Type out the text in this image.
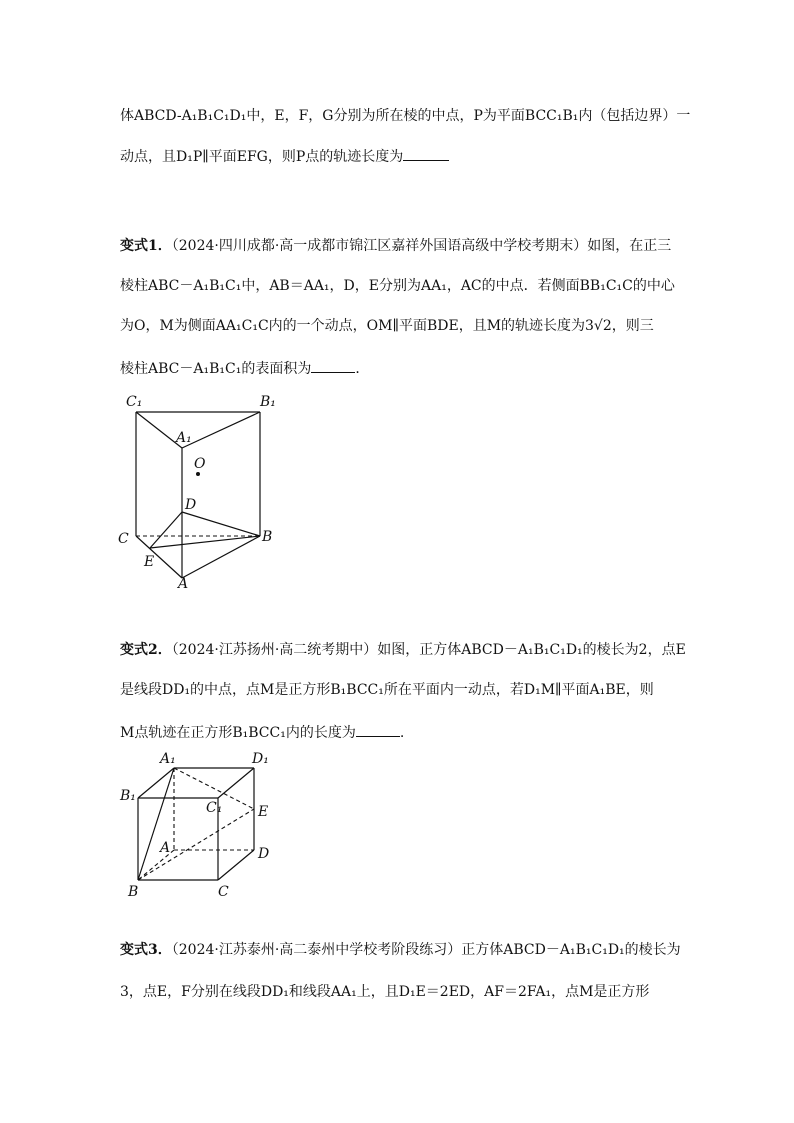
体ABCD-A₁B₁C₁D₁中，E，F，G分别为所在棱的中点，P为平面BCC₁B₁内（包括边界）一
动点，且D₁P∥平面EFG，则P点的轨迹长度为
变式1．（2024·四川成都·高一成都市锦江区嘉祥外国语高级中学校考期末）如图，在正三
棱柱ABC－A₁B₁C₁中，AB＝AA₁，D，E分别为AA₁，AC的中点．若侧面BB₁C₁C的中心
为O，M为侧面AA₁C₁C内的一个动点，OM∥平面BDE，且M的轨迹长度为3√2，则三
棱柱ABC－A₁B₁C₁的表面积为	．
C₁	B₁
A₁
O
D
C	B
E
A
变式2．（2024·江苏扬州·高二统考期中）如图，正方体ABCD－A₁B₁C₁D₁的棱长为2，点E
是线段DD₁的中点，点M是正方形B₁BCC₁所在平面内一动点，若D₁M∥平面A₁BE，则
M点轨迹在正方形B₁BCC₁内的长度为	.
A₁	D₁
B₁
C₁	E
A	D
B	C
变式3．（2024·江苏泰州·高二泰州中学校考阶段练习）正方体ABCD－A₁B₁C₁D₁的棱长为
3，点E，F分别在线段DD₁和线段AA₁上，且D₁E＝2ED，AF＝2FA₁，点M是正方形
